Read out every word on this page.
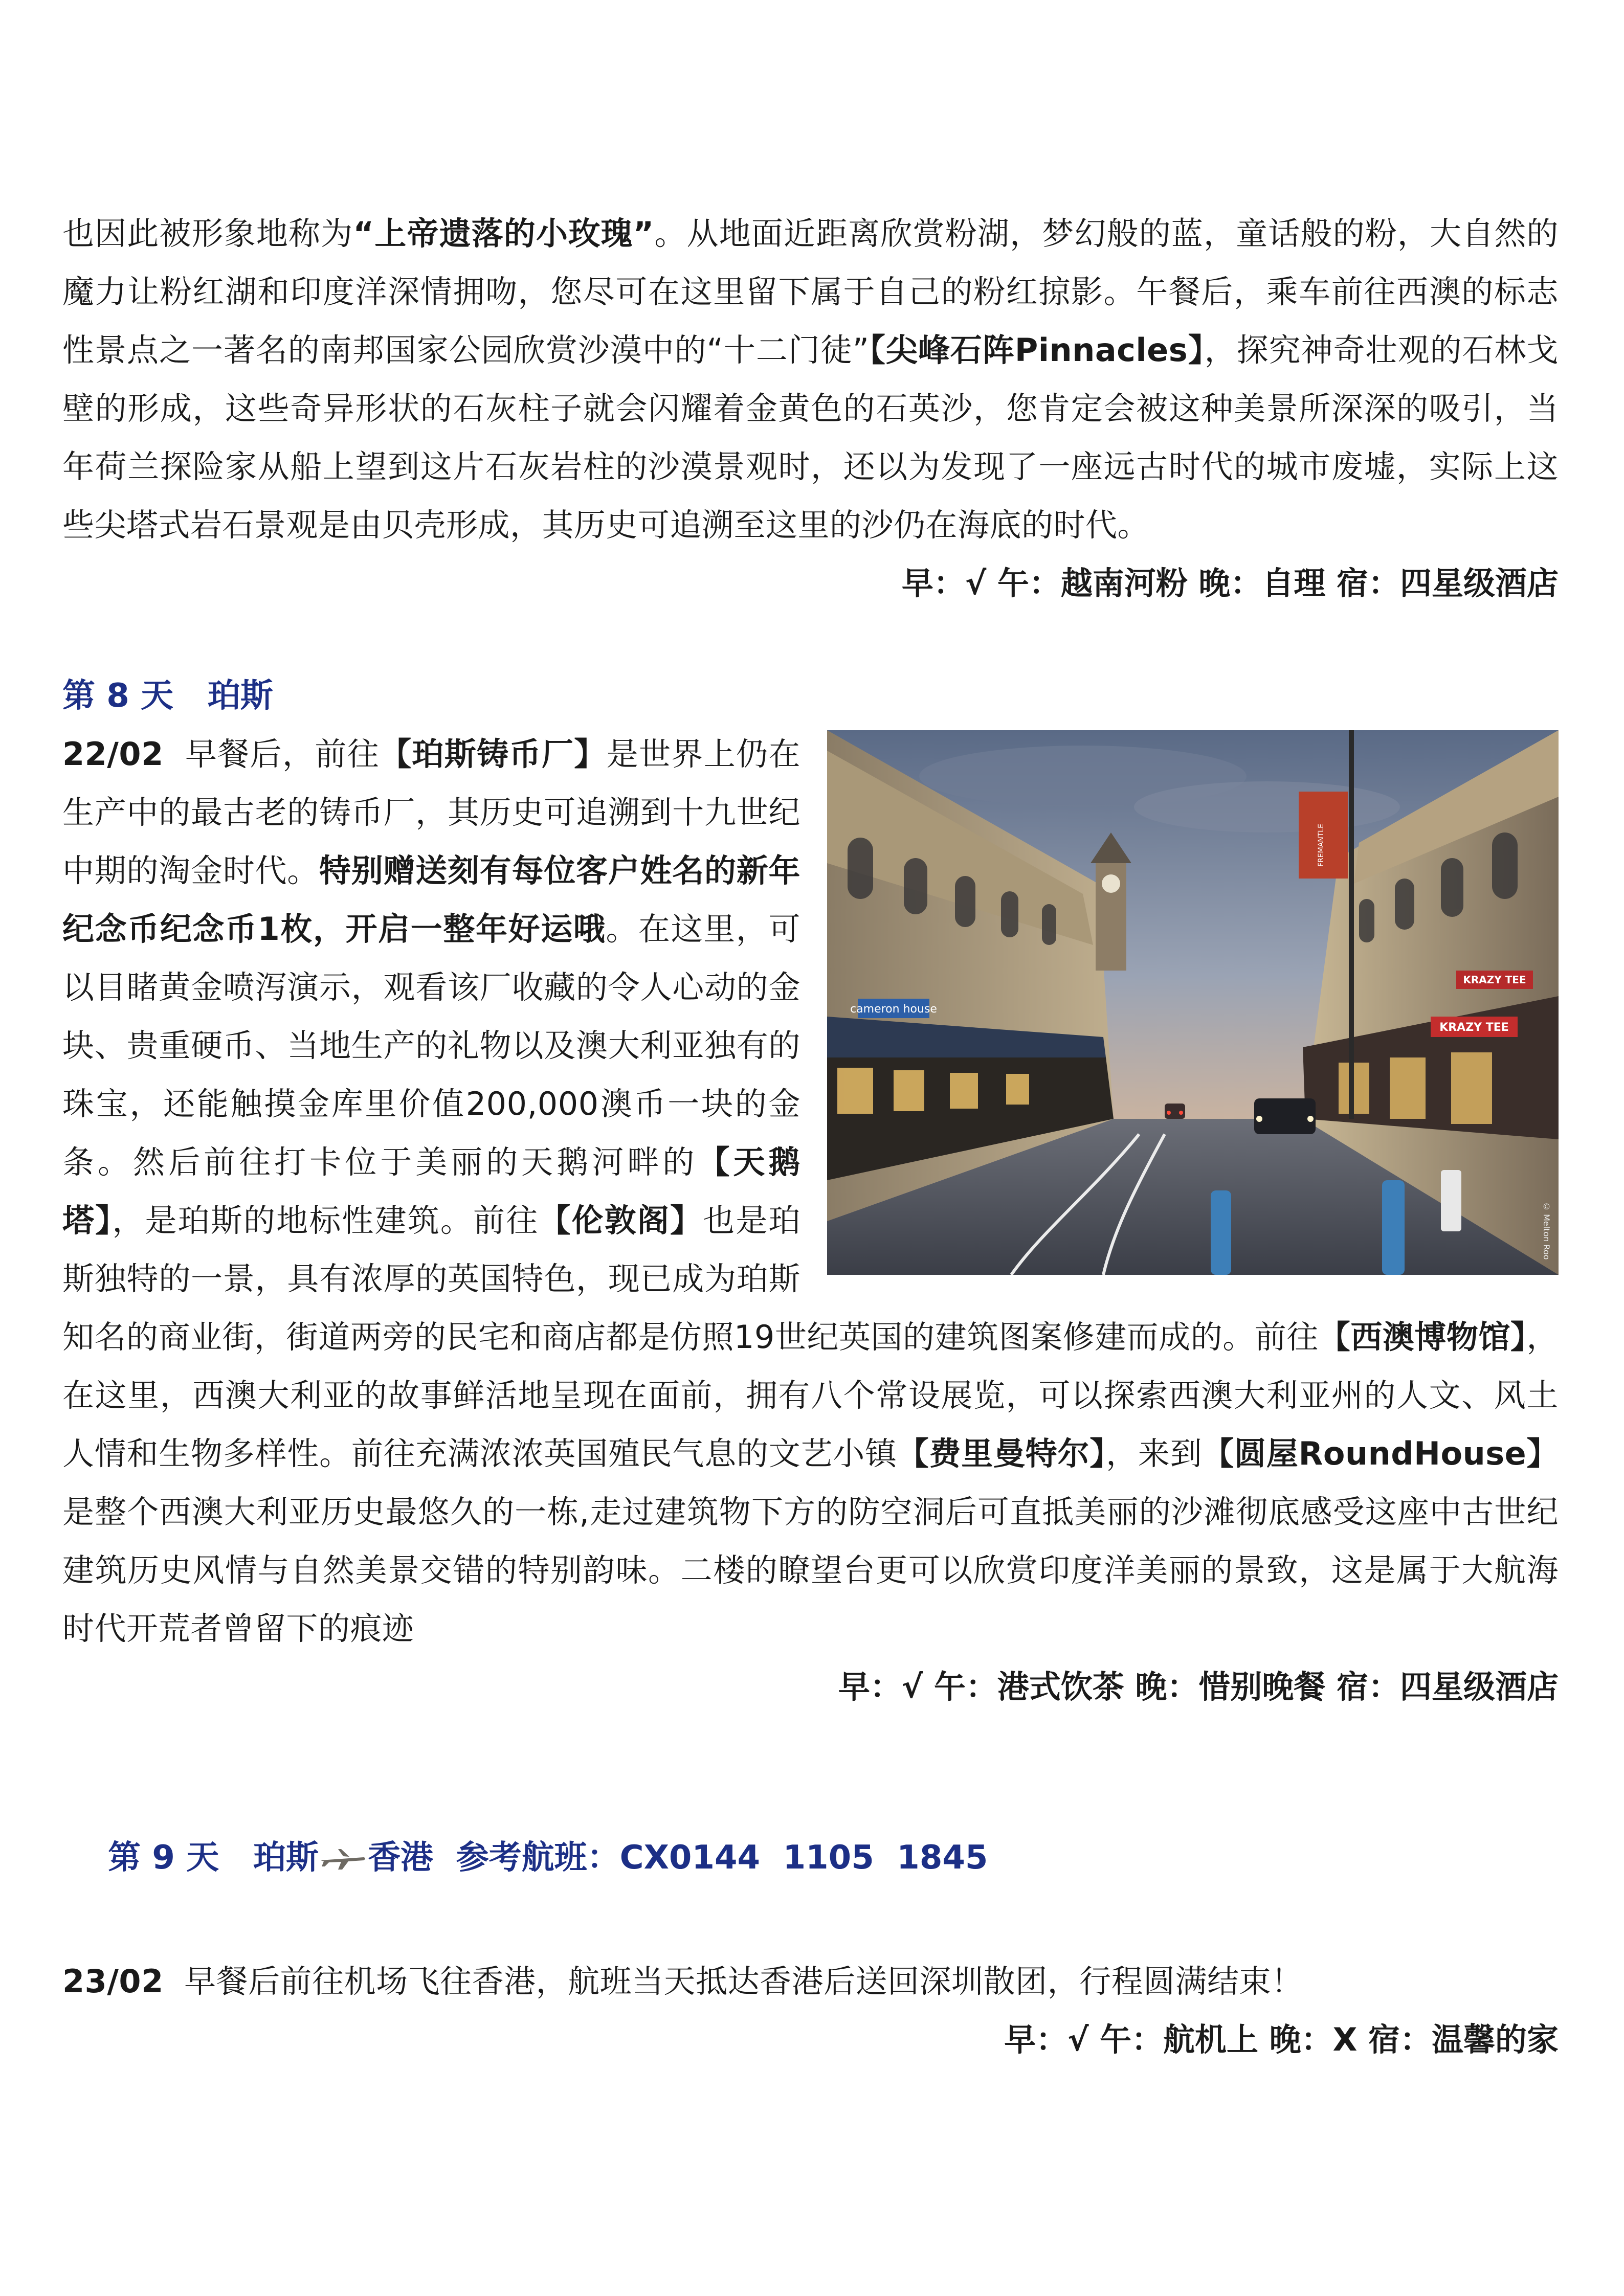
也因此被形象地称为“上帝遗落的小玫瑰”。从地面近距离欣赏粉湖，梦幻般的蓝，童话般的粉，大自然的魔力让粉红湖和印度洋深情拥吻，您尽可在这里留下属于自己的粉红掠影。午餐后，乘车前往西澳的标志性景点之一著名的南邦国家公园欣赏沙漠中的“十二门徒”【尖峰石阵Pinnacles】，探究神奇壮观的石林戈壁的形成，这些奇异形状的石灰柱子就会闪耀着金黄色的石英沙，您肯定会被这种美景所深深的吸引，当年荷兰探险家从船上望到这片石灰岩柱的沙漠景观时，还以为发现了一座远古时代的城市废墟，实际上这些尖塔式岩石景观是由贝壳形成，其历史可追溯至这里的沙仍在海底的时代。

早：√ 午：越南河粉 晚：自理 宿：四星级酒店

第 8 天   珀斯

cameron house
KRAZY TEE
KRAZY TEE
FREMANTLE
© Melton Roo

22/02  早餐后，前往【珀斯铸币厂】是世界上仍在生产中的最古老的铸币厂，其历史可追溯到十九世纪中期的淘金时代。特别赠送刻有每位客户姓名的新年纪念币纪念币1枚，开启一整年好运哦。在这里，可以目睹黄金喷泻演示，观看该厂收藏的令人心动的金块、贵重硬币、当地生产的礼物以及澳大利亚独有的珠宝，还能触摸金库里价值200,000澳币一块的金条。然后前往打卡位于美丽的天鹅河畔的【天鹅塔】，是珀斯的地标性建筑。前往【伦敦阁】也是珀斯独特的一景，具有浓厚的英国特色，现已成为珀斯知名的商业街，街道两旁的民宅和商店都是仿照19世纪英国的建筑图案修建而成的。前往【西澳博物馆】，在这里，西澳大利亚的故事鲜活地呈现在面前，拥有八个常设展览，可以探索西澳大利亚州的人文、风土人情和生物多样性。前往充满浓浓英国殖民气息的文艺小镇【费里曼特尔】，来到【圆屋RoundHouse】是整个西澳大利亚历史最悠久的一栋,走过建筑物下方的防空洞后可直抵美丽的沙滩彻底感受这座中古世纪建筑历史风情与自然美景交错的特别韵味。二楼的瞭望台更可以欣赏印度洋美丽的景致，这是属于大航海时代开荒者曾留下的痕迹

早：√ 午：港式饮茶 晚：惜别晚餐 宿：四星级酒店

第 9 天   珀斯 香港  参考航班：CX0144  1105  1845

23/02  早餐后前往机场飞往香港，航班当天抵达香港后送回深圳散团，行程圆满结束！

早：√ 午：航机上 晚：X 宿：温馨的家
